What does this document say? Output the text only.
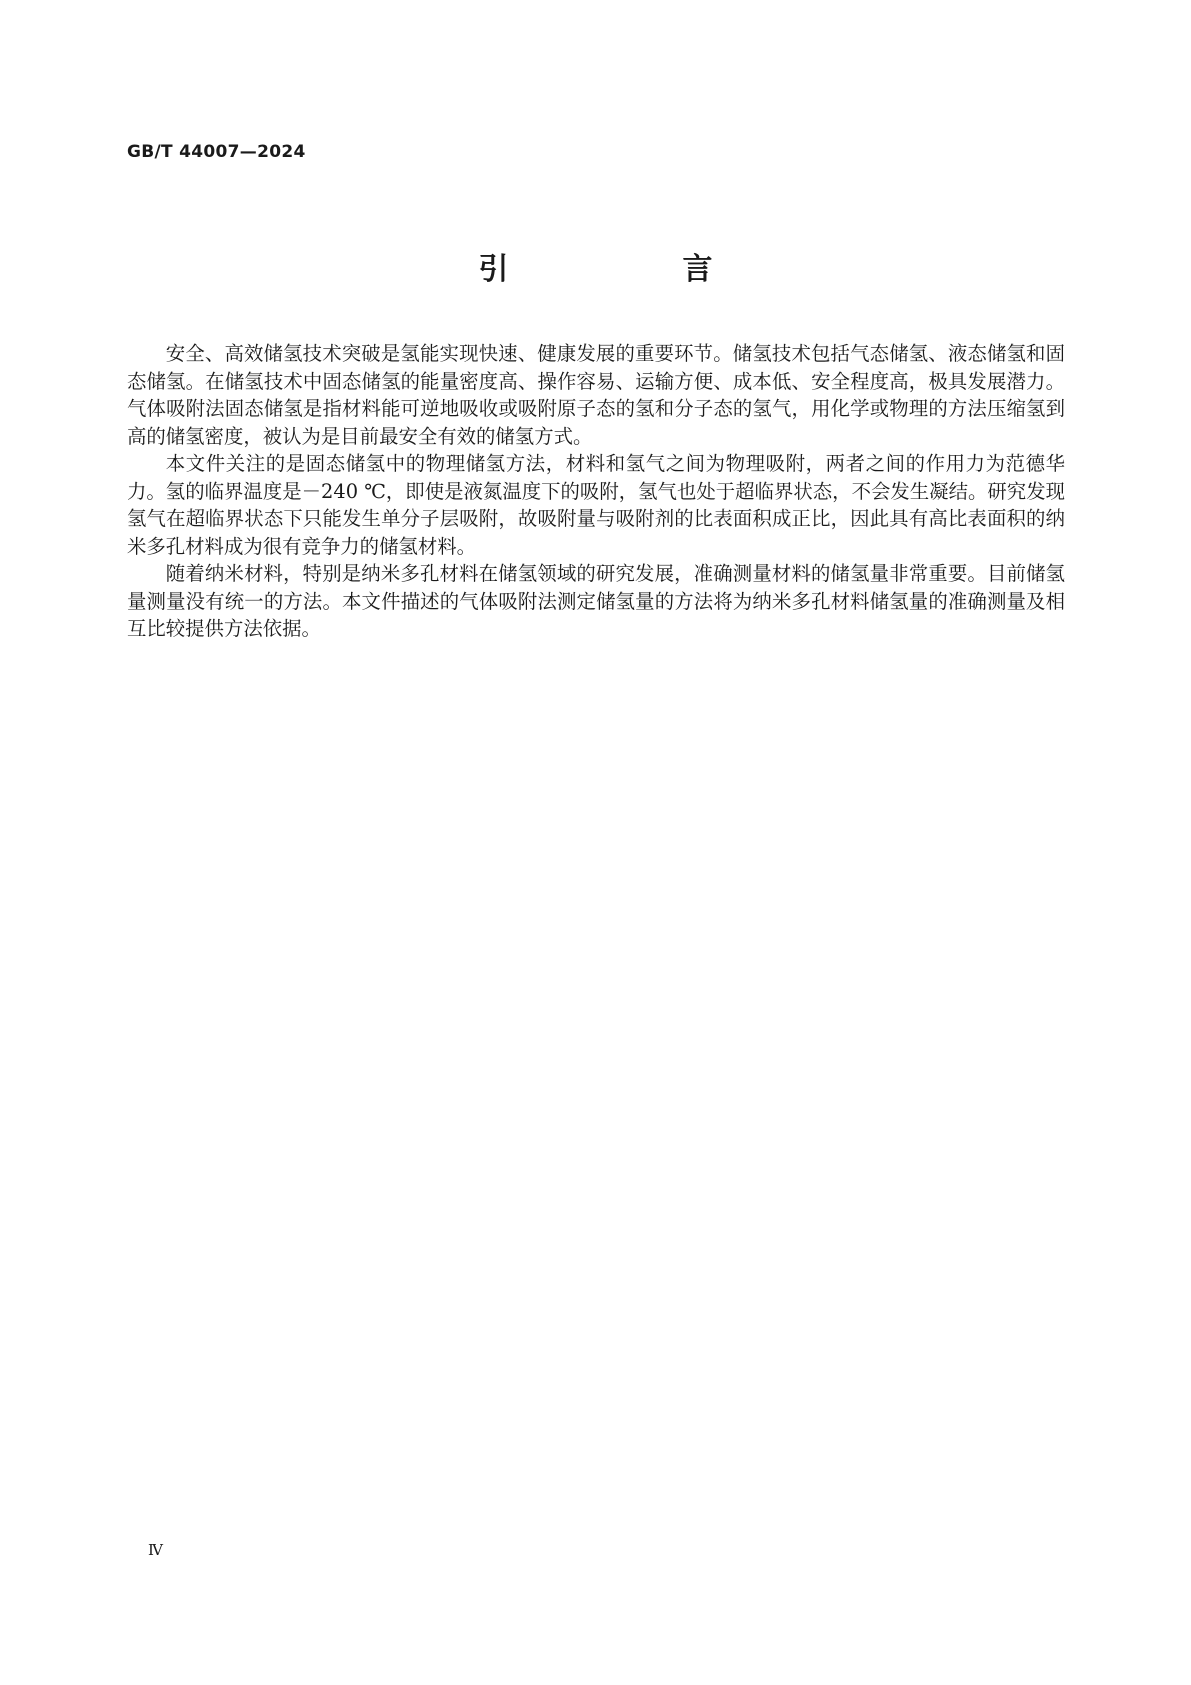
GB/T 44007—2024
引　言

安全、高效储氢技术突破是氢能实现快速、健康发展的重要环节。储氢技术包括气态储氢、液态储氢和固态储氢。在储氢技术中固态储氢的能量密度高、操作容易、运输方便、成本低、安全程度高，极具发展潜力。气体吸附法固态储氢是指材料能可逆地吸收或吸附原子态的氢和分子态的氢气，用化学或物理的方法压缩氢到高的储氢密度，被认为是目前最安全有效的储氢方式。

本文件关注的是固态储氢中的物理储氢方法，材料和氢气之间为物理吸附，两者之间的作用力为范德华力。氢的临界温度是－240 ℃，即使是液氮温度下的吸附，氢气也处于超临界状态，不会发生凝结。研究发现氢气在超临界状态下只能发生单分子层吸附，故吸附量与吸附剂的比表面积成正比，因此具有高比表面积的纳米多孔材料成为很有竞争力的储氢材料。

随着纳米材料，特别是纳米多孔材料在储氢领域的研究发展，准确测量材料的储氢量非常重要。目前储氢量测量没有统一的方法。本文件描述的气体吸附法测定储氢量的方法将为纳米多孔材料储氢量的准确测量及相互比较提供方法依据。

Ⅳ
